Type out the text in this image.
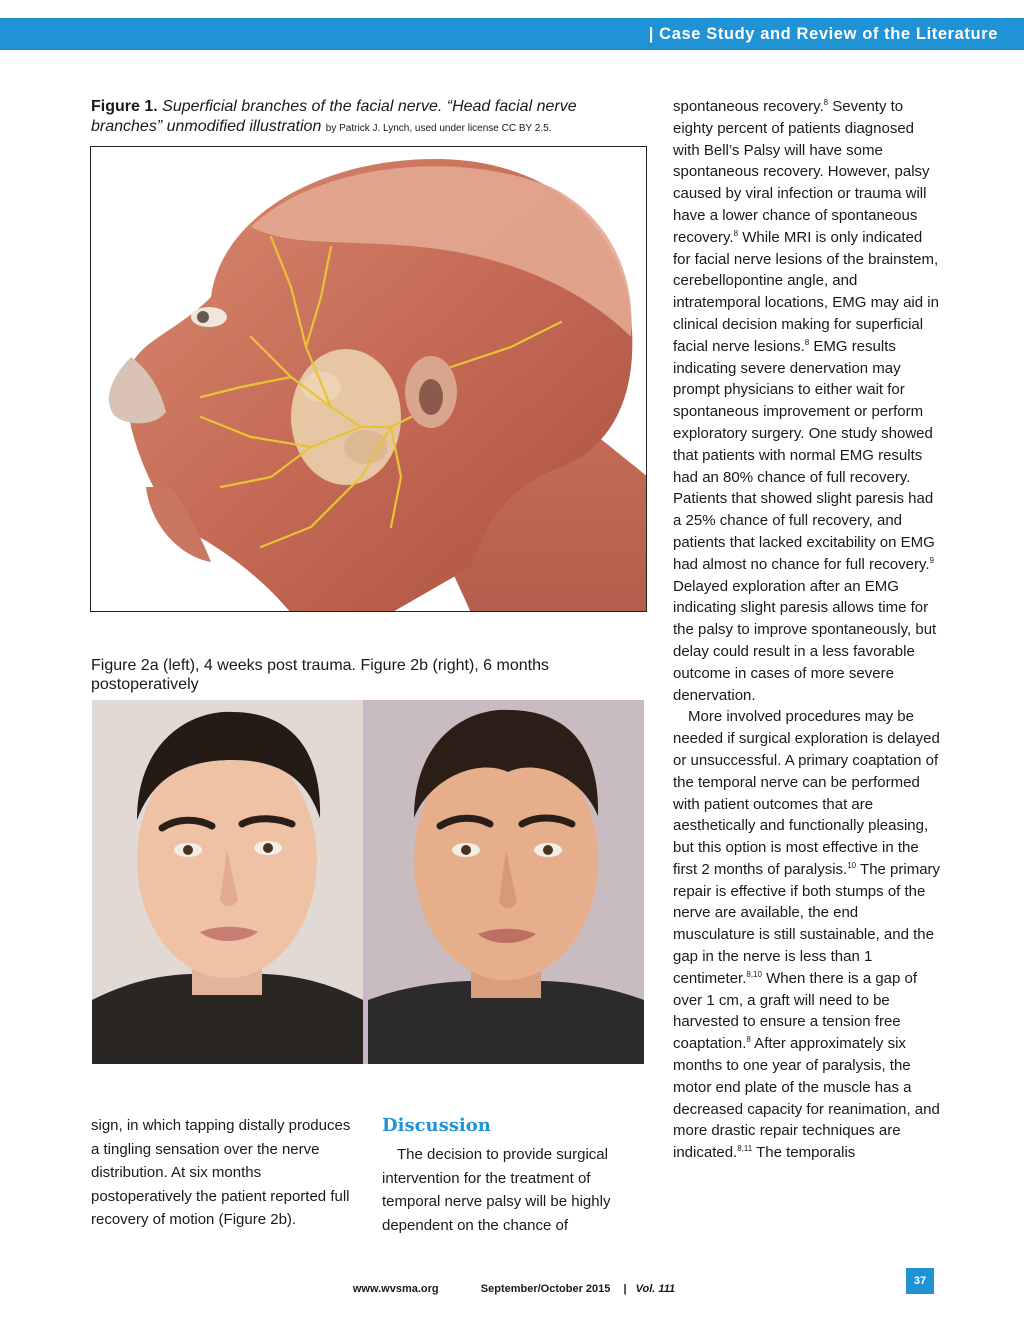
| Case Study and Review of the Literature
Figure 1. Superficial branches of the facial nerve. “Head facial nerve branches” unmodified illustration by Patrick J. Lynch, used under license CC BY 2.5.
Figure 2a (left), 4 weeks post trauma. Figure 2b (right), 6 months postoperatively
sign, in which tapping distally produces a tingling sensation over the nerve distribution. At six months postoperatively the patient reported full recovery of motion (Figure 2b).
Discussion

The decision to provide surgical intervention for the treatment of temporal nerve palsy will be highly dependent on the chance of

spontaneous recovery.$^8$ Seventy to eighty percent of patients diagnosed with Bell’s Palsy will have some spontaneous recovery. However, palsy caused by viral infection or trauma will have a lower chance of spontaneous recovery.$^8$ While MRI is only indicated for facial nerve lesions of the brainstem, cerebellopontine angle, and intratemporal locations, EMG may aid in clinical decision making for superficial facial nerve lesions.$^8$ EMG results indicating severe denervation may prompt physicians to either wait for spontaneous improvement or perform exploratory surgery. One study showed that patients with normal EMG results had an 80% chance of full recovery. Patients that showed slight paresis had a 25% chance of full recovery, and patients that lacked excitability on EMG had almost no chance for full recovery.$^9$ Delayed exploration after an EMG indicating slight paresis allows time for the palsy to improve spontaneously, but delay could result in a less favorable outcome in cases of more severe denervation.

More involved procedures may be needed if surgical exploration is delayed or unsuccessful. A primary coaptation of the temporal nerve can be performed with patient outcomes that are aesthetically and functionally pleasing, but this option is most effective in the first 2 months of paralysis.$^{10}$ The primary repair is effective if both stumps of the nerve are available, the end musculature is still sustainable, and the gap in the nerve is less than 1 centimeter.$^{8,10}$ When there is a gap of over 1 cm, a graft will need to be harvested to ensure a tension free coaptation.$^8$ After approximately six months to one year of paralysis, the motor end plate of the muscle has a decreased capacity for reanimation, and more drastic repair techniques are indicated.$^{8,11}$ The temporalis

37
www.wvsma.org	September/October 2015 | Vol. 111
